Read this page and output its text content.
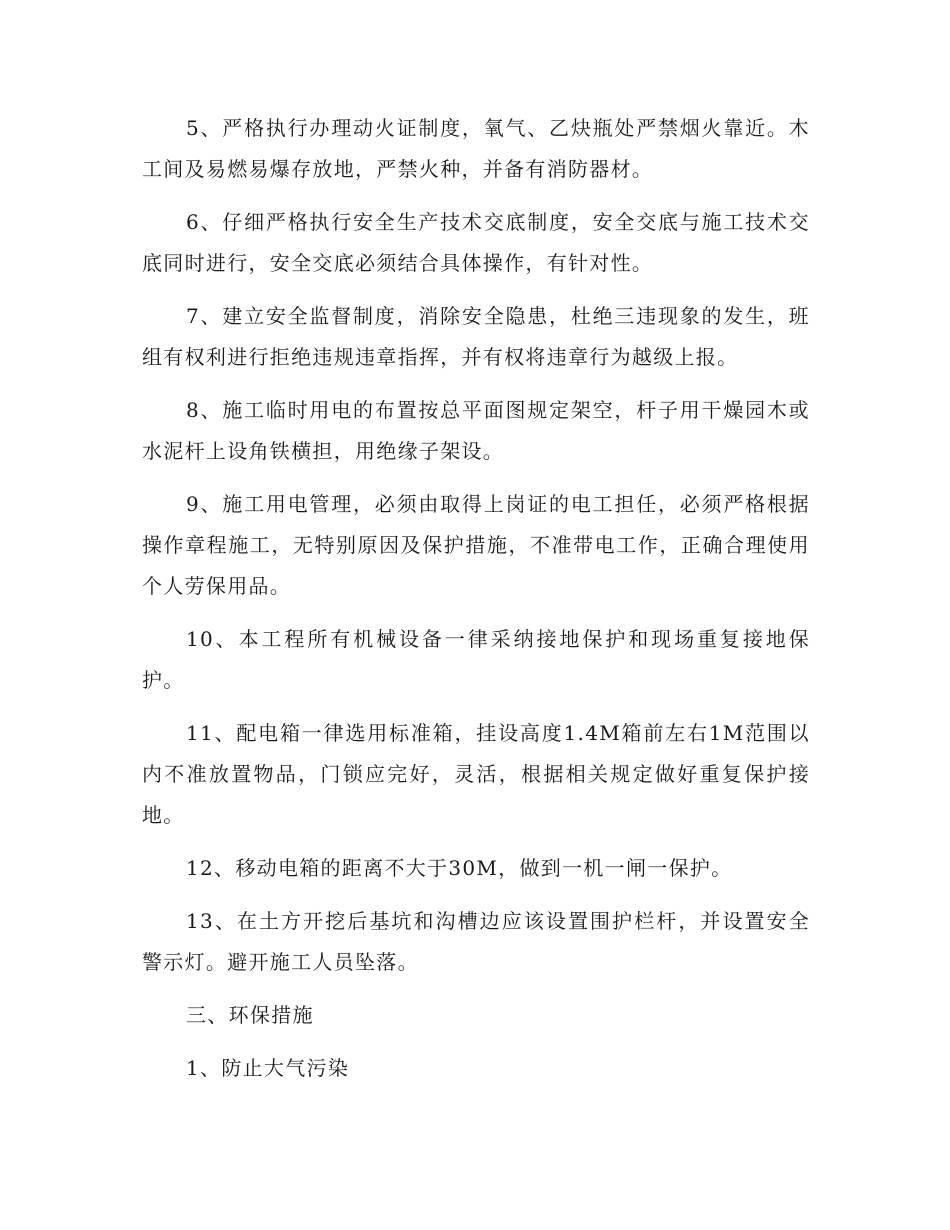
5、严格执行办理动火证制度，氧气、乙炔瓶处严禁烟火靠近。木工间及易燃易爆存放地，严禁火种，并备有消防器材。

6、仔细严格执行安全生产技术交底制度，安全交底与施工技术交底同时进行，安全交底必须结合具体操作，有针对性。

7、建立安全监督制度，消除安全隐患，杜绝三违现象的发生，班组有权利进行拒绝违规违章指挥，并有权将违章行为越级上报。

8、施工临时用电的布置按总平面图规定架空，杆子用干燥园木或水泥杆上设角铁横担，用绝缘子架设。

9、施工用电管理，必须由取得上岗证的电工担任，必须严格根据操作章程施工，无特别原因及保护措施，不准带电工作，正确合理使用个人劳保用品。

10、本工程所有机械设备一律采纳接地保护和现场重复接地保护。

11、配电箱一律选用标准箱，挂设高度1.4M箱前左右1M范围以内不准放置物品，门锁应完好，灵活，根据相关规定做好重复保护接地。

12、移动电箱的距离不大于30M，做到一机一闸一保护。

13、在土方开挖后基坑和沟槽边应该设置围护栏杆，并设置安全警示灯。避开施工人员坠落。

三、环保措施

1、防止大气污染
